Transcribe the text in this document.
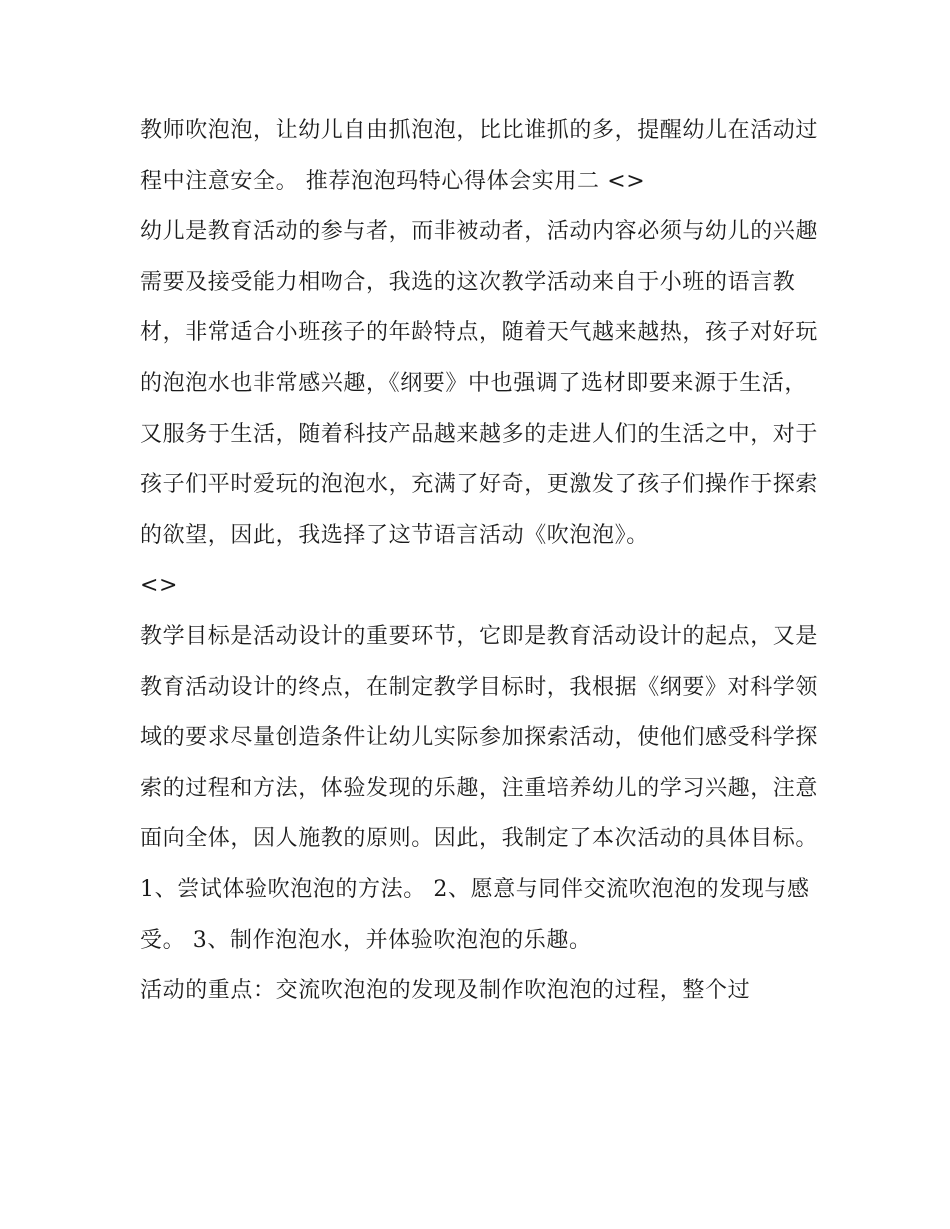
教师吹泡泡，让幼儿自由抓泡泡，比比谁抓的多，提醒幼儿在活动过程中注意安全。 推荐泡泡玛特心得体会实用二 <>

幼儿是教育活动的参与者，而非被动者，活动内容必须与幼儿的兴趣需要及接受能力相吻合，我选的这次教学活动来自于小班的语言教材，非常适合小班孩子的年龄特点，随着天气越来越热，孩子对好玩的泡泡水也非常感兴趣，《纲要》中也强调了选材即要来源于生活，又服务于生活，随着科技产品越来越多的走进人们的生活之中，对于孩子们平时爱玩的泡泡水，充满了好奇，更激发了孩子们操作于探索的欲望，因此，我选择了这节语言活动《吹泡泡》。

<>

教学目标是活动设计的重要环节，它即是教育活动设计的起点，又是教育活动设计的终点，在制定教学目标时，我根据《纲要》对科学领域的要求尽量创造条件让幼儿实际参加探索活动，使他们感受科学探索的过程和方法，体验发现的乐趣，注重培养幼儿的学习兴趣，注意面向全体，因人施教的原则。因此，我制定了本次活动的具体目标。 1、尝试体验吹泡泡的方法。 2、愿意与同伴交流吹泡泡的发现与感受。 3、制作泡泡水，并体验吹泡泡的乐趣。

活动的重点：交流吹泡泡的发现及制作吹泡泡的过程，整个过
